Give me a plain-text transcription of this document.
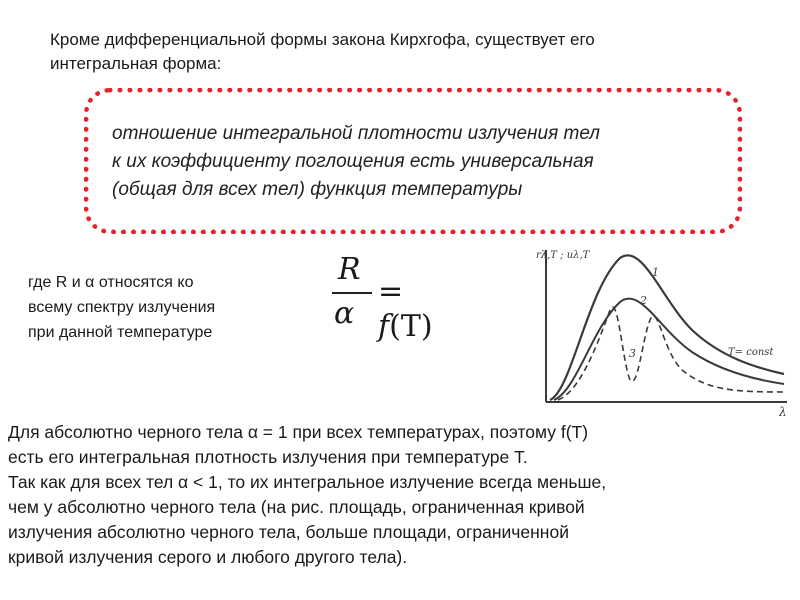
Кроме дифференциальной формы закона Кирхгофа, существует его

интегральная форма:

отношение интегральной плотности излучения тел

к их коэффициенту поглощения есть универсальная

(общая для всех тел) функция температуры

где R и α относятся ко

всему спектру излучения

при данной температуре

R
α
= f(T)
rλ,T ; uλ,T
λ
1
2
3	T= const

Для абсолютно черного тела α = 1 при всех температурах, поэтому f(T)

есть его интегральная плотность излучения при температуре T.

Так как для всех тел α < 1, то их интегральное излучение всегда меньше,

чем у абсолютно черного тела (на рис. площадь, ограниченная кривой

излучения абсолютно черного тела, больше площади, ограниченной

кривой излучения серого и любого другого тела).
